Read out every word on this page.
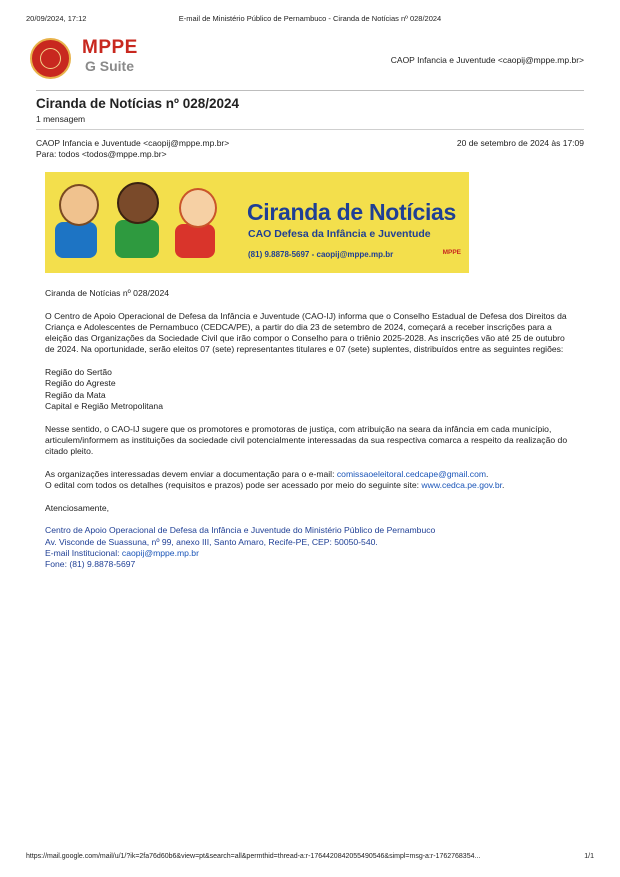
20/09/2024, 17:12	E-mail de Ministério Público de Pernambuco - Ciranda de Notícias nº 028/2024
MPPE
G Suite	CAOP Infancia e Juventude <caopij@mppe.mp.br>
Ciranda de Notícias nº 028/2024
1 mensagem
CAOP Infancia e Juventude <caopij@mppe.mp.br>	20 de setembro de 2024 às 17:09
Para: todos <todos@mppe.mp.br>
Ciranda de Notícias
CAO Defesa da Infância e Juventude
(81) 9.8878-5697 - caopij@mppe.mp.br	MPPE

Ciranda de Notícias nº 028/2024

O Centro de Apoio Operacional de Defesa da Infância e Juventude (CAO-IJ) informa que o Conselho Estadual de Defesa dos Direitos da Criança e Adolescentes de Pernambuco (CEDCA/PE), a partir do dia 23 de setembro de 2024, começará a receber inscrições para a eleição das Organizações da Sociedade Civil que irão compor o Conselho para o triênio 2025-2028. As inscrições vão até 25 de outubro de 2024. Na oportunidade, serão eleitos 07 (sete) representantes titulares e 07 (sete) suplentes, distribuídos entre as seguintes regiões:

Região do Sertão

Região do Agreste

Região da Mata

Capital e Região Metropolitana

Nesse sentido, o CAO-IJ sugere que os promotores e promotoras de justiça, com atribuição na seara da infância em cada município, articulem/informem as instituições da sociedade civil potencialmente interessadas da sua respectiva comarca a respeito da realização do citado pleito.

As organizações interessadas devem enviar a documentação para o e-mail: comissaoeleitoral.cedcape@gmail.com.

O edital com todos os detalhes (requisitos e prazos) pode ser acessado por meio do seguinte site: www.cedca.pe.gov.br.

Atenciosamente,

Centro de Apoio Operacional de Defesa da Infância e Juventude do Ministério Público de Pernambuco

Av. Visconde de Suassuna, nº 99, anexo III, Santo Amaro, Recife-PE, CEP: 50050-540.

E-mail Institucional: caopij@mppe.mp.br

Fone: (81) 9.8878-5697

https://mail.google.com/mail/u/1/?ik=2fa76d60b6&view=pt&search=all&permthid=thread-a:r-1764420842055490546&simpl=msg-a:r-1762768354...	1/1
